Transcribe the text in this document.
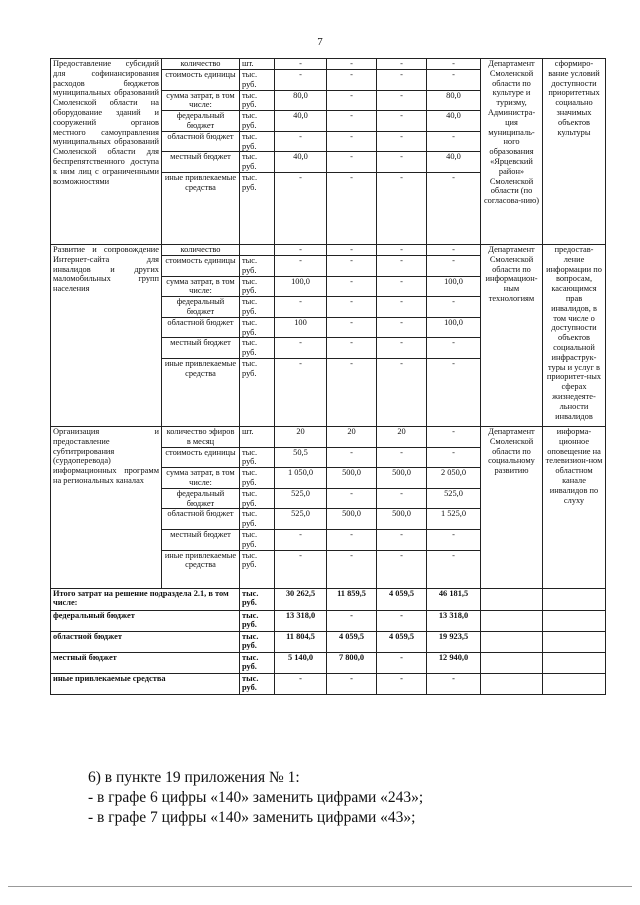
7
Предоставление субсидий для софинансирования расходов бюджетов муниципальных образований Смоленской области на оборудование зданий и сооружений органов местного самоуправления муниципальных образований Смоленской области для беспрепятственного доступа к ним лиц с ограниченными возможностями	количество	шт.	-	-	-	-	Департамент Смоленской области по культуре и туризму, Администра-ция муниципаль-ного образования «Ярцевский район» Смоленской области (по согласова-нию)	сформиро-вание условий доступности приоритетных социально значимых объектов культуры
	стоимость единицы	тыс. руб.	-	-	-	-		
	сумма затрат, в том числе:	тыс. руб.	80,0	-	-	80,0		
	федеральный бюджет	тыс. руб.	40,0	-	-	40,0		
	областной бюджет	тыс. руб.	-	-	-	-		
	местный бюджет	тыс. руб.	40,0	-	-	40,0		
	иные привлекаемые средства	тыс. руб.	-	-	-	-		
Развитие и сопровождение Интернет-сайта для инвалидов и других маломобильных групп населения	количество		-	-	-	-	Департамент Смоленской области по информацион-ным технологиям	предостав-ление информации по вопросам, касающимся прав инвалидов, в том числе о доступности объектов социальной инфраструк-туры и услуг в приоритет-ных сферах жизнедеяте-льности инвалидов
	стоимость единицы	тыс. руб.	-	-	-	-		
	сумма затрат, в том числе:	тыс. руб.	100,0	-	-	100,0		
	федеральный бюджет	тыс. руб.	-	-	-	-		
	областной бюджет	тыс. руб.	100	-	-	100,0		
	местный бюджет	тыс. руб.	-	-	-	-		
	иные привлекаемые средства	тыс. руб.	-	-	-	-		
Организация и предоставление субтитрирования (сурдоперевода) информационных программ на региональных каналах	количество эфиров в месяц	шт.	20	20	20	-	Департамент Смоленской области по социальному развитию	информа-ционное оповещение на телевизион-ном областном канале инвалидов по слуху
	стоимость единицы	тыс. руб.	50,5	-	-	-		
	сумма затрат, в том числе:	тыс. руб.	1 050,0	500,0	500,0	2 050,0		
	федеральный бюджет	тыс. руб.	525,0	-	-	525,0		
	областной бюджет	тыс. руб.	525,0	500,0	500,0	1 525,0		
	местный бюджет	тыс. руб.	-	-	-	-		
	иные привлекаемые средства	тыс. руб.	-	-	-	-		
Итого затрат на решение подраздела 2.1, в том числе:		тыс. руб.	30 262,5	11 859,5	4 059,5	46 181,5		
федеральный бюджет		тыс. руб.	13 318,0	-	-	13 318,0		
областной бюджет		тыс. руб.	11 804,5	4 059,5	4 059,5	19 923,5		
местный бюджет		тыс. руб.	5 140,0	7 800,0	-	12 940,0		
иные привлекаемые средства		тыс. руб.	-	-	-	-		
6) в пункте 19 приложения № 1:
- в графе 6 цифры «140» заменить цифрами «243»;
- в графе 7 цифры «140» заменить цифрами «43»;
